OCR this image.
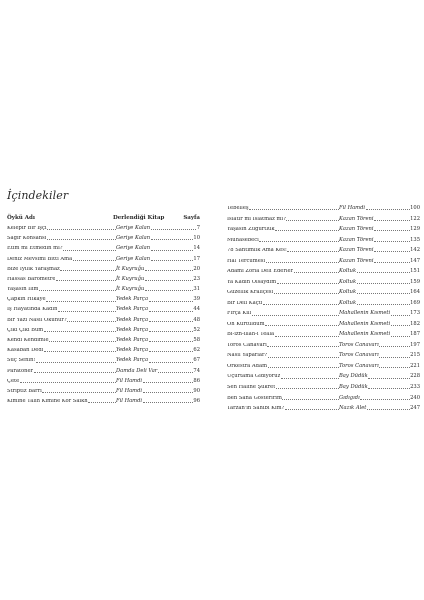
İçindekiler
Öykü Adı	Derlendiği Kitap	Sayfa
Kelepir Bir İşçi	Geriye Kalan	7
Sağır Konsansı	Geriye Kalan	10
Etim mi Etmedin mi?	Geriye Kalan	14
Deniz Mevsimi Bitti Ama	Geriye Kalan	17
Bize İyilik Yaraşmaz	İt Kuyruğu	20
Hassas Barometre	İt Kuyruğu	23
Yaşasın İlim	İt Kuyruğu	31
Çapkın Hikâye	Yedek Parça	39
İş Hayatında Kadın	Yedek Parça	44
Bir Yazı Nasıl Okunur?	Yedek Parça	48
Çıkı Çıkı Bum	Yedek Parça	52
Kendi Kendimle	Yedek Parça	58
Kasaban Dedi	Yedek Parça	62
Suç Senin!	Yedek Parça	67
Paratoner	Damda Deli Var	74
Çete	Fil Hamdi	86
Striptiz Barrı	Fil Hamdi	90
Kimine Talih Kimine Kör Saikh	Fil Hamdi	96
Tebelleş	Fil Hamdi	100
İslatır mı İslatmaz mı?	Kazan Töreni	122
Yaşasın Züğürtlük	Kazan Töreni	129
Muhasebeci	Kazan Töreni	135
78 Santimlik Ama Kes!	Kazan Töreni	142
Hal Tercümesi	Kazan Töreni	147
Adamı Zorla Deli Ederler	Koltuk	151
Ya Kadın Olsaydım	Koltuk	159
Güzellik Kraliçesi	Koltuk	164
Bir Deli Kaçtı	Koltuk	169
Fırça Kılı	Mahallenin Kısmeti	173
Oh Kurtuldum	Mahallenin Kısmeti	182
Bi-izn-illâh-i Teâlâ	Mahallenin Kısmeti	187
Toros Canavarı	Toros Canavarı	197
Nasıl Yaparlar?	Toros Canavarı	215
Orkestra Adam	Toros Canavarı	221
Uçurtama Gidiyoruz	Bay Düdük	228
Sen Haline Şükret	Bay Düdük	233
Ben Sana Gösteririm	Gıdıgıdı	240
Tarzan'ın Sahibi Kim?	Nazık Alet	247
